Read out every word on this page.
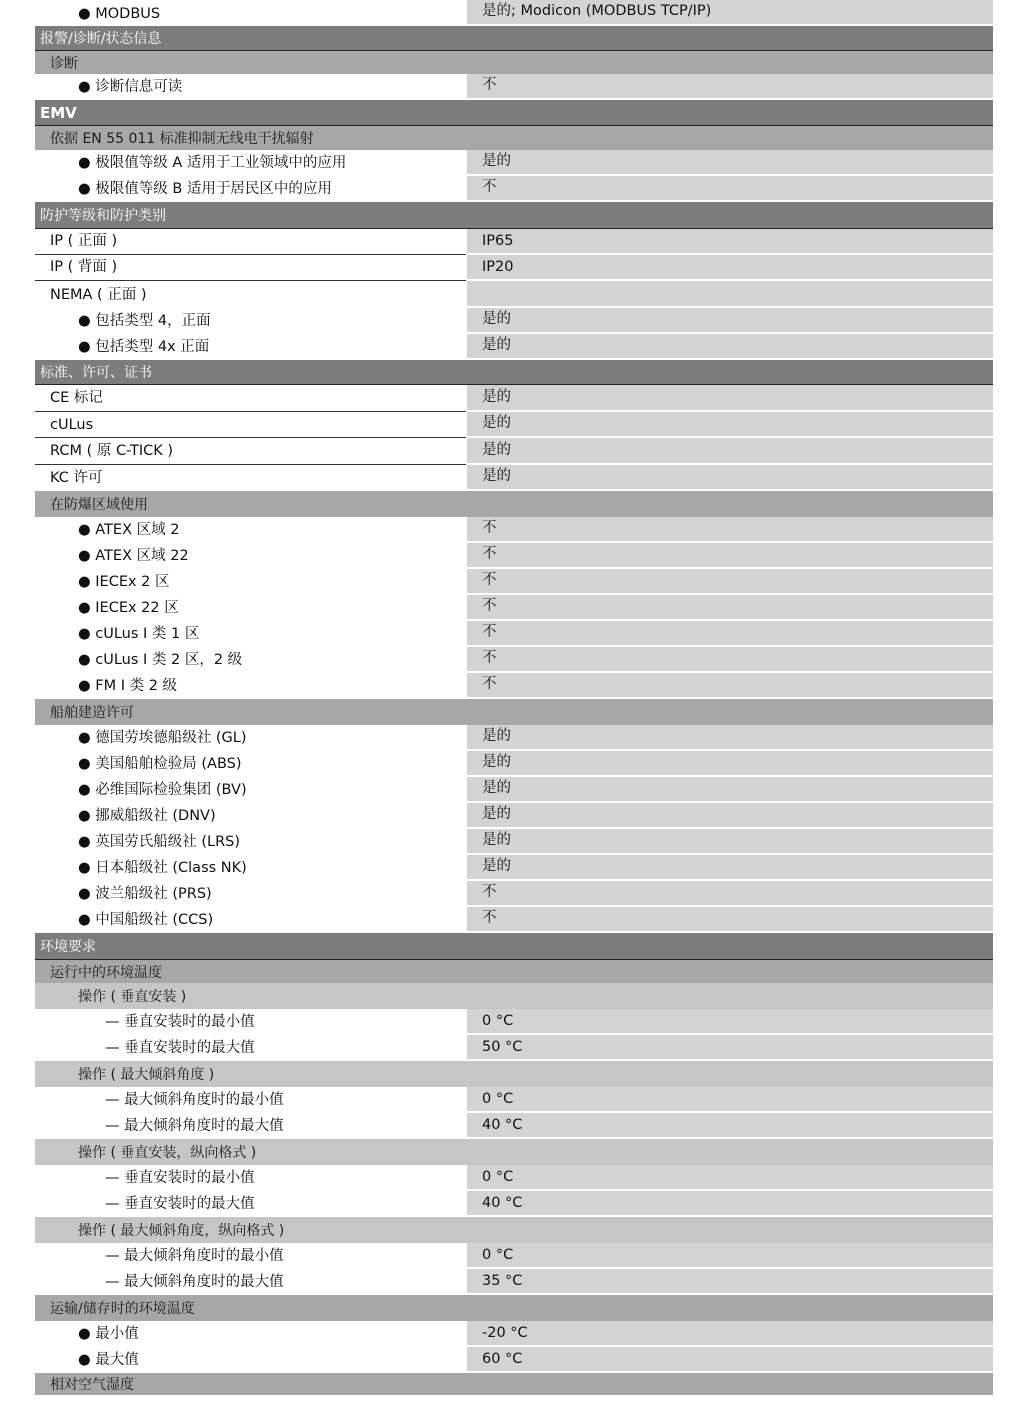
● MODBUS	是的; Modicon (MODBUS TCP/IP)
报警/诊断/状态信息
诊断
● 诊断信息可读	不
EMV
依据 EN 55 011 标准抑制无线电干扰辐射
● 极限值等级 A 适用于工业领域中的应用	是的
● 极限值等级 B 适用于居民区中的应用	不
防护等级和防护类别
IP ( 正面 )	IP65
IP ( 背面 )	IP20
NEMA ( 正面 )
● 包括类型 4，正面	是的
● 包括类型 4x 正面	是的
标准、许可、证书
CE 标记	是的
cULus	是的
RCM ( 原 C-TICK )	是的
KC 许可	是的
在防爆区域使用
● ATEX 区域 2	不
● ATEX 区域 22	不
● IECEx 2 区	不
● IECEx 22 区	不
● cULus I 类 1 区	不
● cULus I 类 2 区，2 级	不
● FM I 类 2 级	不
船舶建造许可
● 德国劳埃德船级社 (GL)	是的
● 美国船舶检验局 (ABS)	是的
● 必维国际检验集团 (BV)	是的
● 挪威船级社 (DNV)	是的
● 英国劳氏船级社 (LRS)	是的
● 日本船级社 (Class NK)	是的
● 波兰船级社 (PRS)	不
● 中国船级社 (CCS)	不
环境要求
运行中的环境温度
操作 ( 垂直安装 )
— 垂直安装时的最小值	0 °C
— 垂直安装时的最大值	50 °C
操作 ( 最大倾斜角度 )
— 最大倾斜角度时的最小值	0 °C
— 最大倾斜角度时的最大值	40 °C
操作 ( 垂直安装，纵向格式 )
— 垂直安装时的最小值	0 °C
— 垂直安装时的最大值	40 °C
操作 ( 最大倾斜角度，纵向格式 )
— 最大倾斜角度时的最小值	0 °C
— 最大倾斜角度时的最大值	35 °C
运输/储存时的环境温度
● 最小值	-20 °C
● 最大值	60 °C
相对空气湿度
